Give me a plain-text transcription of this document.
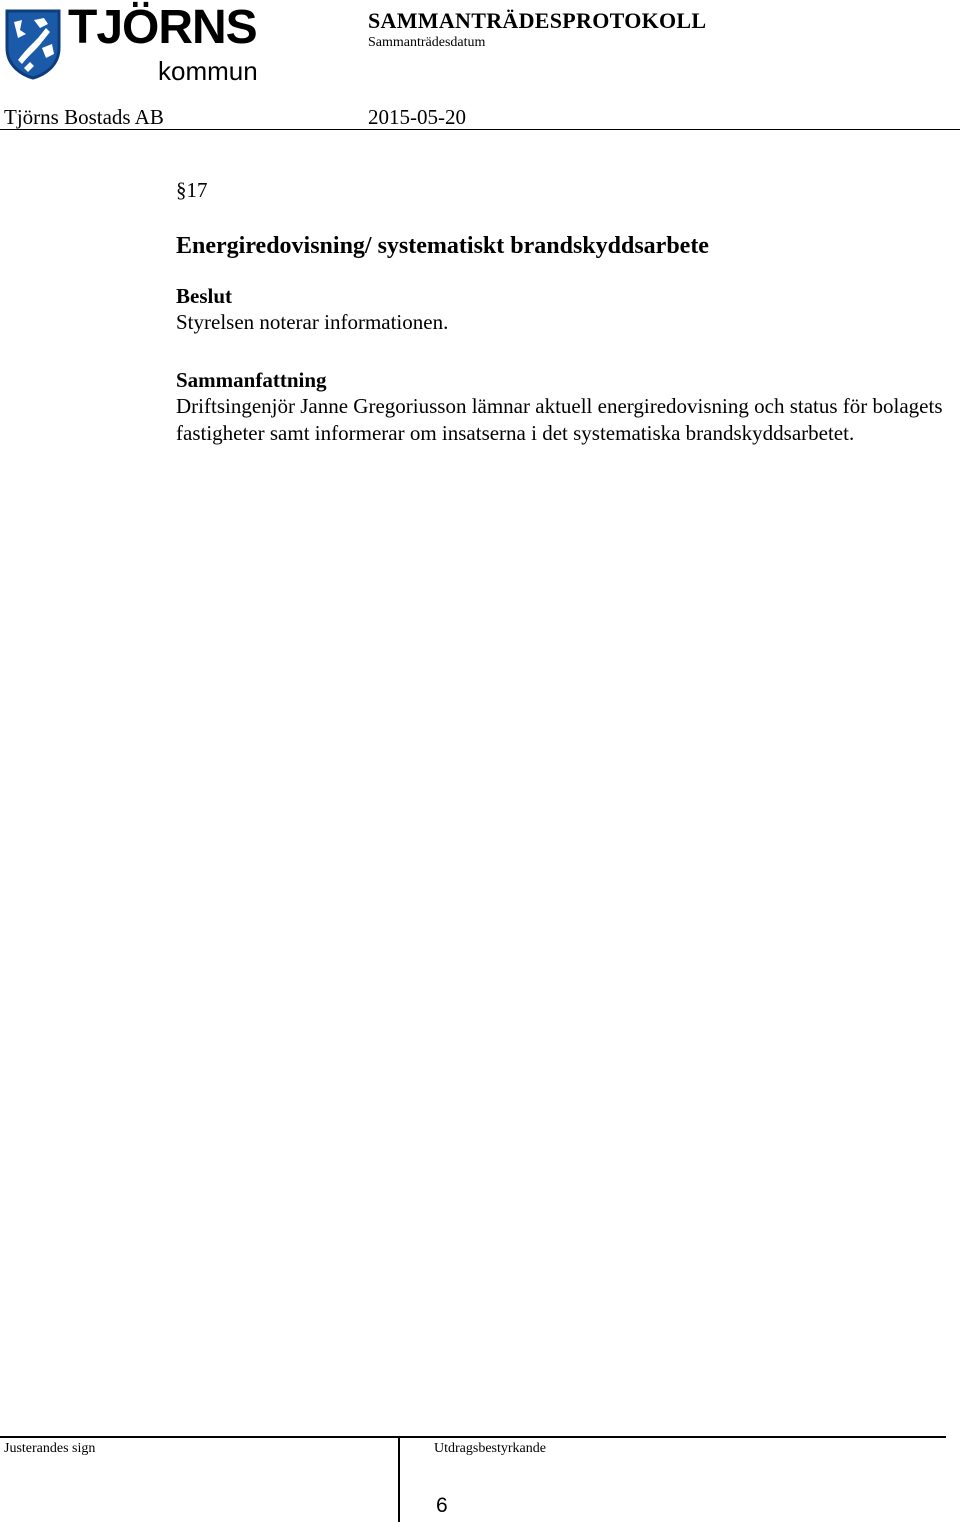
TJÖRNS
kommun
SAMMANTRÄDESPROTOKOLL
Sammanträdesdatum
Tjörns Bostads AB	2015-05-20

§17

Energiredovisning/ systematiskt brandskyddsarbete

Beslut

Styrelsen noterar informationen.

Sammanfattning

Driftsingenjör Janne Gregoriusson lämnar aktuell energiredovisning och status för bolagets fastigheter samt informerar om insatserna i det systematiska brandskyddsarbetet.

Justerandes sign	Utdragsbestyrkande
6
